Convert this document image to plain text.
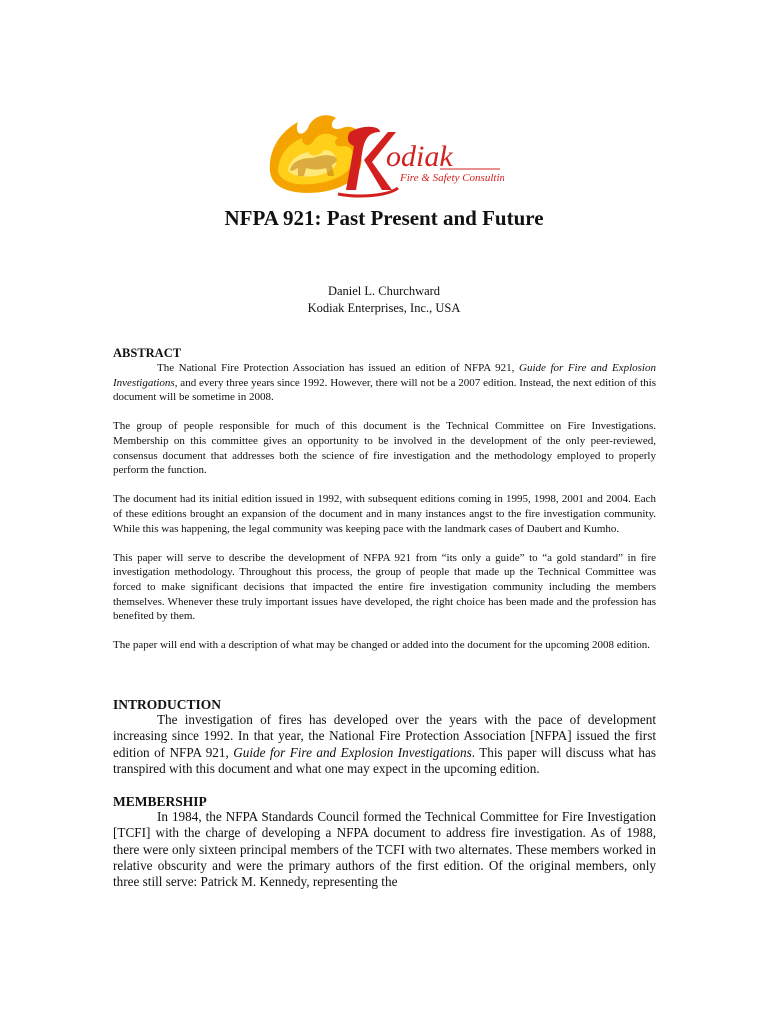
odiak
Fire & Safety Consulting
NFPA 921: Past Present and Future
Daniel L. Churchward
Kodiak Enterprises, Inc., USA
ABSTRACT

The National Fire Protection Association has issued an edition of NFPA 921, Guide for Fire and Explosion Investigations, and every three years since 1992. However, there will not be a 2007 edition. Instead, the next edition of this document will be sometime in 2008.

The group of people responsible for much of this document is the Technical Committee on Fire Investigations. Membership on this committee gives an opportunity to be involved in the development of the only peer-reviewed, consensus document that addresses both the science of fire investigation and the methodology employed to properly perform the function.

The document had its initial edition issued in 1992, with subsequent editions coming in 1995, 1998, 2001 and 2004. Each of these editions brought an expansion of the document and in many instances angst to the fire investigation community. While this was happening, the legal community was keeping pace with the landmark cases of Daubert and Kumho.

This paper will serve to describe the development of NFPA 921 from “its only a guide” to “a gold standard” in fire investigation methodology. Throughout this process, the group of people that made up the Technical Committee was forced to make significant decisions that impacted the entire fire investigation community including the members themselves. Whenever these truly important issues have developed, the right choice has been made and the profession has benefited by them.

The paper will end with a description of what may be changed or added into the document for the upcoming 2008 edition.

INTRODUCTION

The investigation of fires has developed over the years with the pace of development increasing since 1992. In that year, the National Fire Protection Association [NFPA] issued the first edition of NFPA 921, Guide for Fire and Explosion Investigations. This paper will discuss what has transpired with this document and what one may expect in the upcoming edition.

MEMBERSHIP

In 1984, the NFPA Standards Council formed the Technical Committee for Fire Investigation [TCFI] with the charge of developing a NFPA document to address fire investigation. As of 1988, there were only sixteen principal members of the TCFI with two alternates. These members worked in relative obscurity and were the primary authors of the first edition. Of the original members, only three still serve: Patrick M. Kennedy, representing the
